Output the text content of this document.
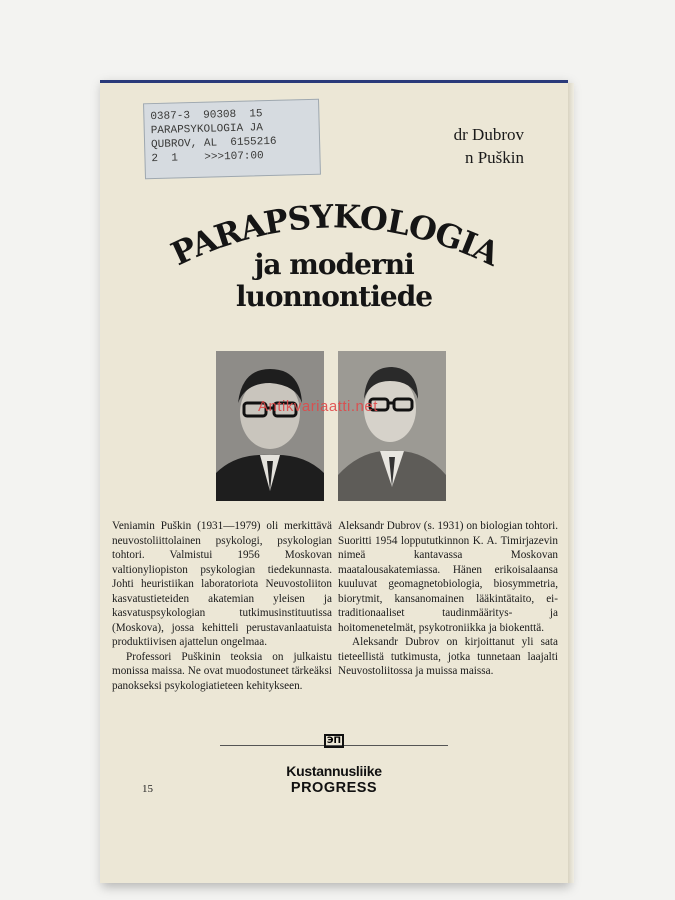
dr Dubrov
n Puškin
0387-3  90308  15
PARAPSYKOLOGIA JA
QUBROV, AL  6155216
2  1    >>>107:00
PARAPSYKOLOGIA
ja moderni
luonnontiede
Antikvariaatti.net

Veniamin Puškin (1931—1979) oli merkittävä neuvostoliittolainen psykologi, psykologian tohtori. Valmistui 1956 Moskovan valtionyliopiston psykologian tiedekunnasta. Johti heuristiikan laboratoriota Neuvostoliiton kasvatustieteiden akatemian yleisen ja kasvatuspsykologian tutkimusinstituutissa (Moskova), jossa kehitteli perustavanlaatuista produktiivisen ajattelun ongelmaa.

Professori Puškinin teoksia on julkaistu monissa maissa. Ne ovat muodostuneet tärkeäksi panokseksi psykologiatieteen kehitykseen.

Aleksandr Dubrov (s. 1931) on biologian tohtori. Suoritti 1954 loppututkinnon K. A. Timirjazevin nimeä kantavassa Moskovan maatalousakatemiassa. Hänen erikoisalaansa kuuluvat geomagnetobiologia, biosymmetria, biorytmit, kansanomainen lääkintätaito, ei-traditionaaliset taudinmääritys- ja hoitomenetelmät, psykotroniikka ja biokenttä.

Aleksandr Dubrov on kirjoittanut yli sata tieteellistä tutkimusta, jotka tunnetaan laajalti Neuvostoliitossa ja muissa maissa.

ЭП
Kustannusliike
PROGRESS
15
